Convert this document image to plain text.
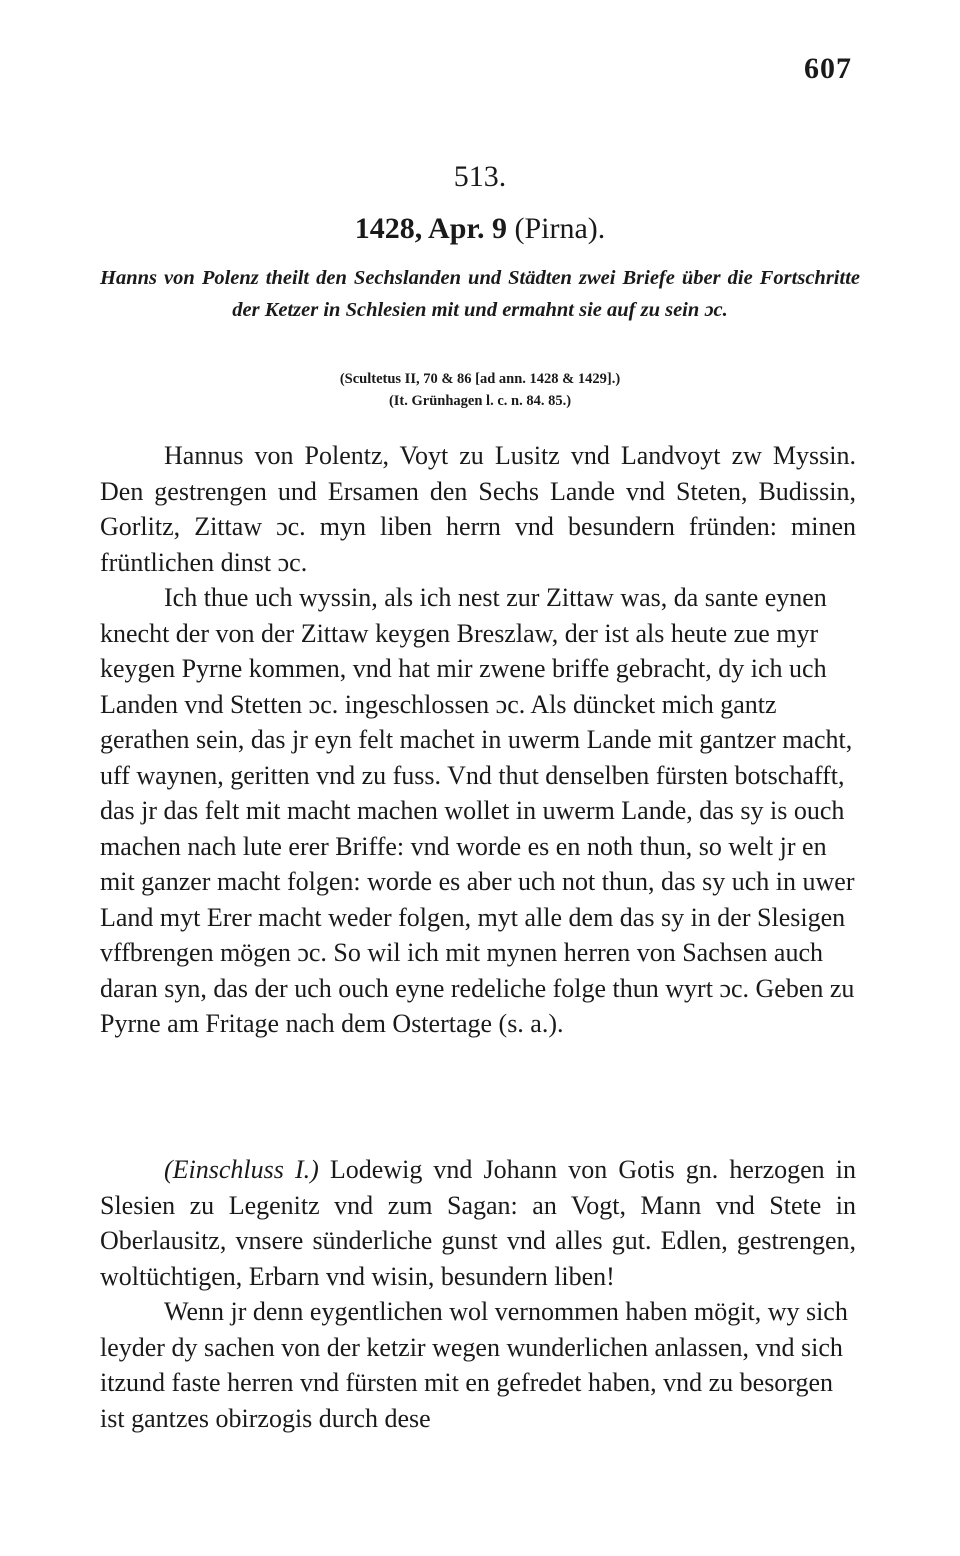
607
513.
1428, Apr. 9 (Pirna).
Hanns von Polenz theilt den Sechslanden und Städten zwei Briefe über die Fortschritte der Ketzer in Schlesien mit und ermahnt sie auf zu sein ɔc.
(Scultetus II, 70 & 86 [ad ann. 1428 & 1429].)
(It. Grünhagen l. c. n. 84. 85.)

Hannus von Polentz, Voyt zu Lusitz vnd Landvoyt zw Myssin. Den gestrengen und Ersamen den Sechs Lande vnd Steten, Budissin, Gorlitz, Zittaw ɔc. myn liben herrn vnd besundern fründen: minen früntlichen dinst ɔc.

Ich thue uch wyssin, als ich nest zur Zittaw was, da sante eynen knecht der von der Zittaw keygen Breszlaw, der ist als heute zue myr keygen Pyrne kommen, vnd hat mir zwene briffe gebracht, dy ich uch Landen vnd Stetten ɔc. ingeschlossen ɔc. Als düncket mich gantz gerathen sein, das jr eyn felt machet in uwerm Lande mit gantzer macht, uff waynen, geritten vnd zu fuss. Vnd thut denselben fürsten botschafft, das jr das felt mit macht machen wollet in uwerm Lande, das sy is ouch machen nach lute erer Briffe: vnd worde es en noth thun, so welt jr en mit ganzer macht folgen: worde es aber uch not thun, das sy uch in uwer Land myt Erer macht weder folgen, myt alle dem das sy in der Slesigen vffbrengen mögen ɔc. So wil ich mit mynen herren von Sachsen auch daran syn, das der uch ouch eyne redeliche folge thun wyrt ɔc. Geben zu Pyrne am Fritage nach dem Ostertage (s. a.).

(Einschluss I.) Lodewig vnd Johann von Gotis gn. herzogen in Slesien zu Legenitz vnd zum Sagan: an Vogt, Mann vnd Stete in Oberlausitz, vnsere sünderliche gunst vnd alles gut. Edlen, gestrengen, woltüchtigen, Erbarn vnd wisin, besundern liben!

Wenn jr denn eygentlichen wol vernommen haben mögit, wy sich leyder dy sachen von der ketzir wegen wunderlichen anlassen, vnd sich itzund faste herren vnd fürsten mit en gefredet haben, vnd zu besorgen ist gantzes obirzogis durch dese
